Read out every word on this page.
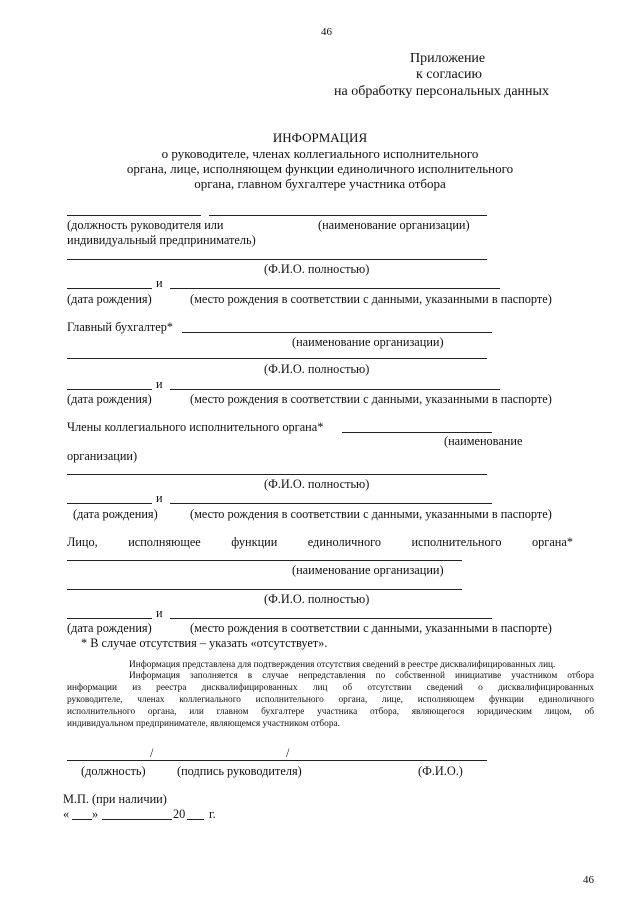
46
Приложение
к согласию
на обработку персональных данных
ИНФОРМАЦИЯ
о руководителе, членах коллегиального исполнительного
органа, лице, исполняющем функции единоличного исполнительного
органа, главном бухгалтере участника отбора
(должность руководителя или	(наименование организации)
индивидуальный предприниматель)
(Ф.И.О. полностью)
и
(дата рождения)	(место рождения в соответствии с данными, указанными в паспорте)
Главный бухгалтер*
(наименование организации)
(Ф.И.О. полностью)
и
(дата рождения)	(место рождения в соответствии с данными, указанными в паспорте)
Члены коллегиального исполнительного органа*
(наименование
организации)
(Ф.И.О. полностью)
и
(дата рождения)	(место рождения в соответствии с данными, указанными в паспорте)
Лицо, исполняющее функции единоличного исполнительного органа*
(наименование организации)
(Ф.И.О. полностью)
и
(дата рождения)	(место рождения в соответствии с данными, указанными в паспорте)
* В случае отсутствия – указать «отсутствует».
Информация представлена для подтверждения отсутствия сведений в реестре дисквалифицированных лиц.
Информация заполняется в случае непредставления по собственной инициативе участником отбора
информации из реестра дисквалифицированных лиц об отсутствии сведений о дисквалифицированных
руководителе, членах коллегиального исполнительного органа, лице, исполняющем функции единоличного
исполнительного органа, или главном бухгалтере участника отбора, являющегося юридическим лицом, об
индивидуальном предпринимателе, являющемся участником отбора.
/	/
(должность)	(подпись руководителя)	(Ф.И.О.)
М.П. (при наличии)
« »	20 г.
46
